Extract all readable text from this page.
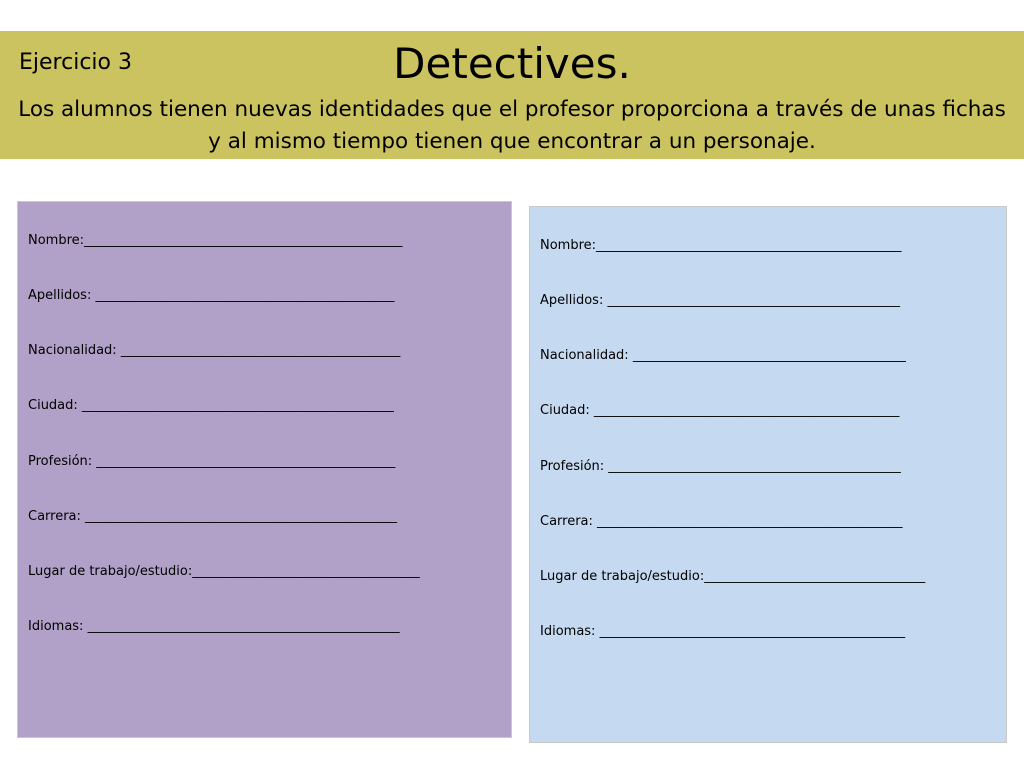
Ejercicio 3	Detectives.
Los alumnos tienen nuevas identidades que el profesor proporciona a través de unas fichas y al mismo tiempo tienen que encontrar a un personaje.
Nombre:_________________________________________________
Apellidos: ______________________________________________
Nacionalidad: ___________________________________________
Ciudad: ________________________________________________
Profesión: ______________________________________________
Carrera: ________________________________________________
Lugar de trabajo/estudio:___________________________________
Idiomas: ________________________________________________
Nombre:_______________________________________________
Apellidos: _____________________________________________
Nacionalidad: __________________________________________
Ciudad: _______________________________________________
Profesión: _____________________________________________
Carrera: _______________________________________________
Lugar de trabajo/estudio:__________________________________
Idiomas: _______________________________________________
